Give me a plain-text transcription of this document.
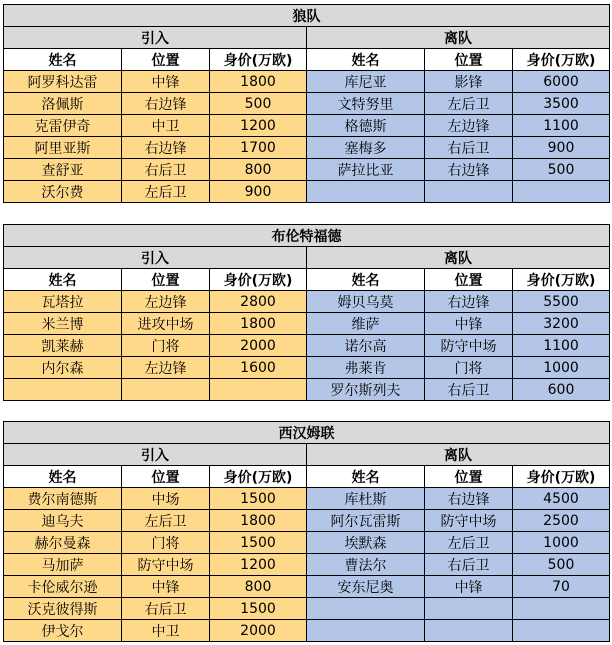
狼队					
引入			离队		
姓名	位置	身价(万欧)	姓名	位置	身价(万欧)
阿罗科达雷	中锋	1800	库尼亚	影锋	6000
洛佩斯	右边锋	500	文特努里	左后卫	3500
克雷伊奇	中卫	1200	格德斯	左边锋	1100
阿里亚斯	右边锋	1700	塞梅多	右后卫	900
查舒亚	右后卫	800	萨拉比亚	右边锋	500
沃尔费	左后卫	900			
布伦特福德					
引入			离队		
姓名	位置	身价(万欧)	姓名	位置	身价(万欧)
瓦塔拉	左边锋	2800	姆贝乌莫	右边锋	5500
米兰博	进攻中场	1800	维萨	中锋	3200
凯莱赫	门将	2000	诺尔高	防守中场	1100
内尔森	左边锋	1600	弗莱肯	门将	1000
			罗尔斯列夫	右后卫	600
西汉姆联					
引入			离队		
姓名	位置	身价(万欧)	姓名	位置	身价(万欧)
费尔南德斯	中场	1500	库杜斯	右边锋	4500
迪乌夫	左后卫	1800	阿尔瓦雷斯	防守中场	2500
赫尔曼森	门将	1500	埃默森	左后卫	1000
马加萨	防守中场	1200	曹法尔	右后卫	500
卡伦威尔逊	中锋	800	安东尼奥	中锋	70
沃克彼得斯	右后卫	1500			
伊戈尔	中卫	2000			
